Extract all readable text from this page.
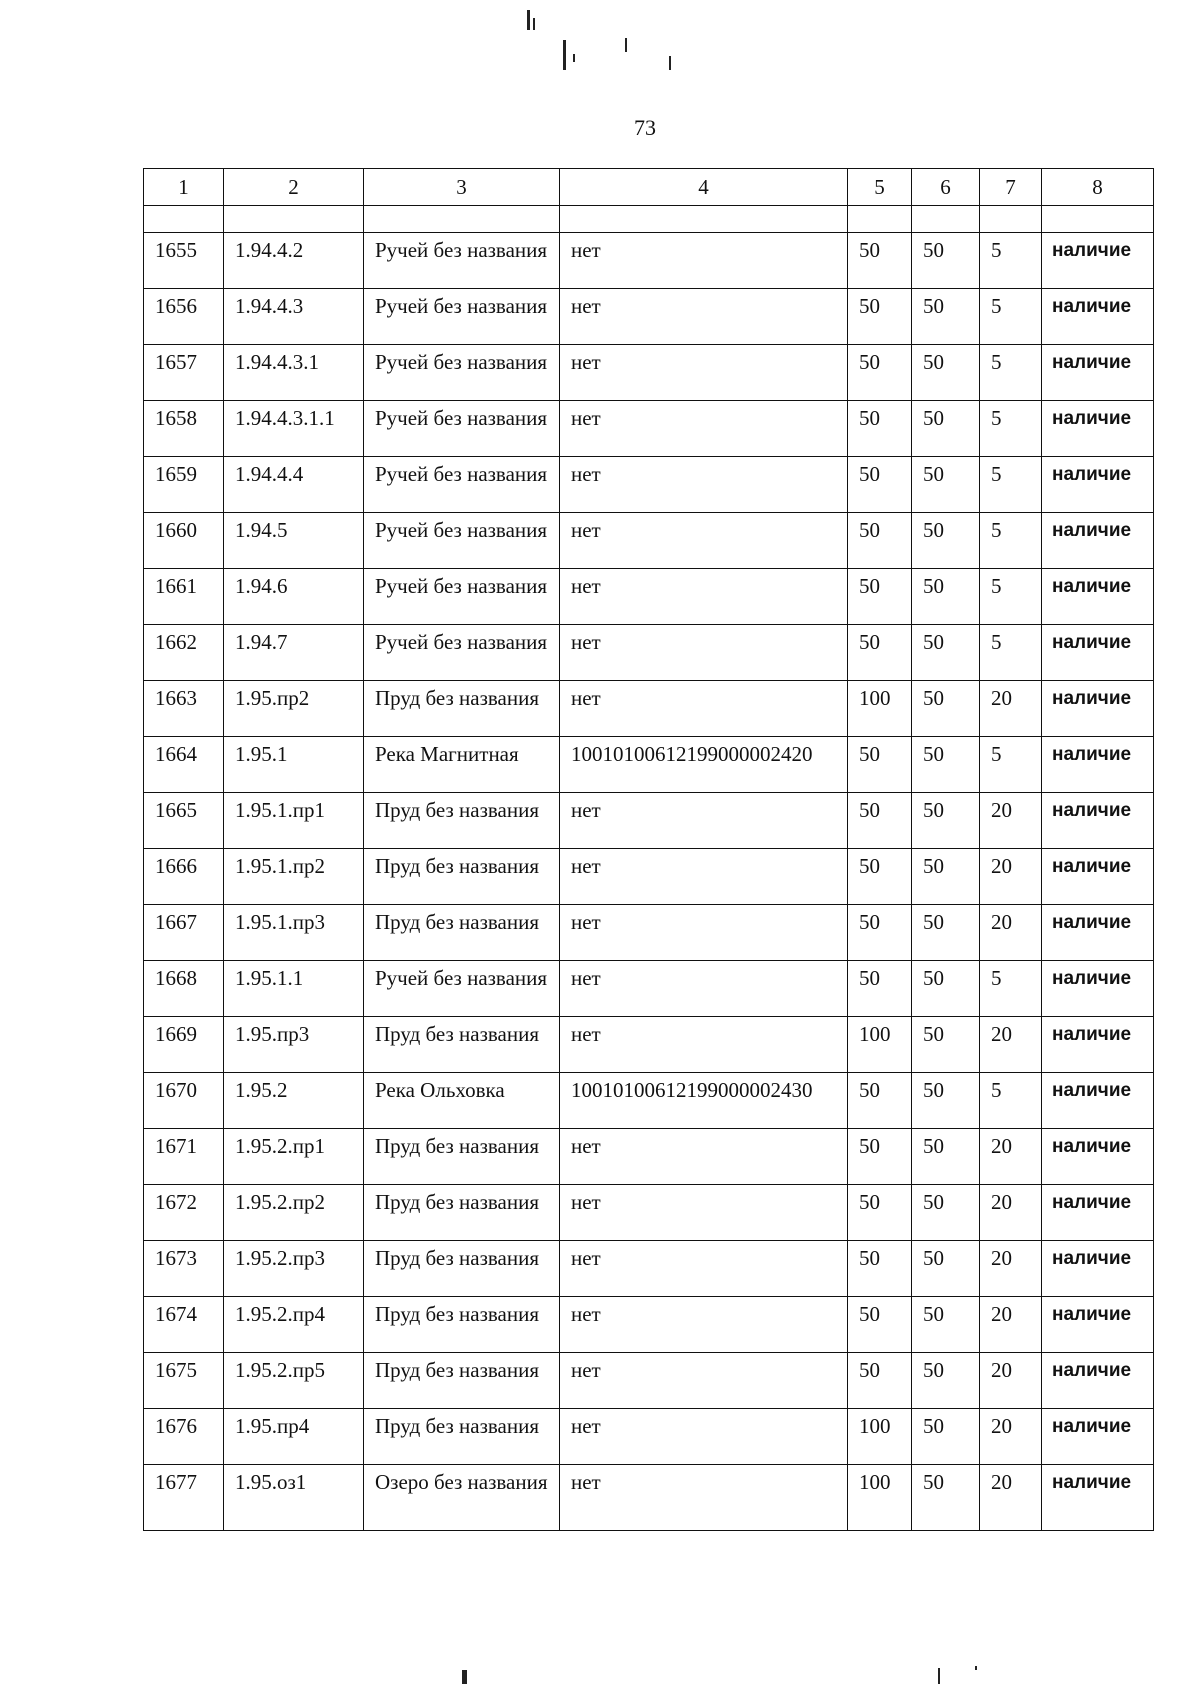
73
1	2	3	4	5	6	7	8

1655	1.94.4.2	Ручей без названия	нет	50	50	5	наличие
1656	1.94.4.3	Ручей без названия	нет	50	50	5	наличие
1657	1.94.4.3.1	Ручей без названия	нет	50	50	5	наличие
1658	1.94.4.3.1.1	Ручей без названия	нет	50	50	5	наличие
1659	1.94.4.4	Ручей без названия	нет	50	50	5	наличие
1660	1.94.5	Ручей без названия	нет	50	50	5	наличие
1661	1.94.6	Ручей без названия	нет	50	50	5	наличие
1662	1.94.7	Ручей без названия	нет	50	50	5	наличие
1663	1.95.пр2	Пруд без названия	нет	100	50	20	наличие
1664	1.95.1	Река Магнитная	10010100612199000002420	50	50	5	наличие
1665	1.95.1.пр1	Пруд без названия	нет	50	50	20	наличие
1666	1.95.1.пр2	Пруд без названия	нет	50	50	20	наличие
1667	1.95.1.пр3	Пруд без названия	нет	50	50	20	наличие
1668	1.95.1.1	Ручей без названия	нет	50	50	5	наличие
1669	1.95.пр3	Пруд без названия	нет	100	50	20	наличие
1670	1.95.2	Река Ольховка	10010100612199000002430	50	50	5	наличие
1671	1.95.2.пр1	Пруд без названия	нет	50	50	20	наличие
1672	1.95.2.пр2	Пруд без названия	нет	50	50	20	наличие
1673	1.95.2.пр3	Пруд без названия	нет	50	50	20	наличие
1674	1.95.2.пр4	Пруд без названия	нет	50	50	20	наличие
1675	1.95.2.пр5	Пруд без названия	нет	50	50	20	наличие
1676	1.95.пр4	Пруд без названия	нет	100	50	20	наличие
1677	1.95.оз1	Озеро без названия	нет	100	50	20	наличие
